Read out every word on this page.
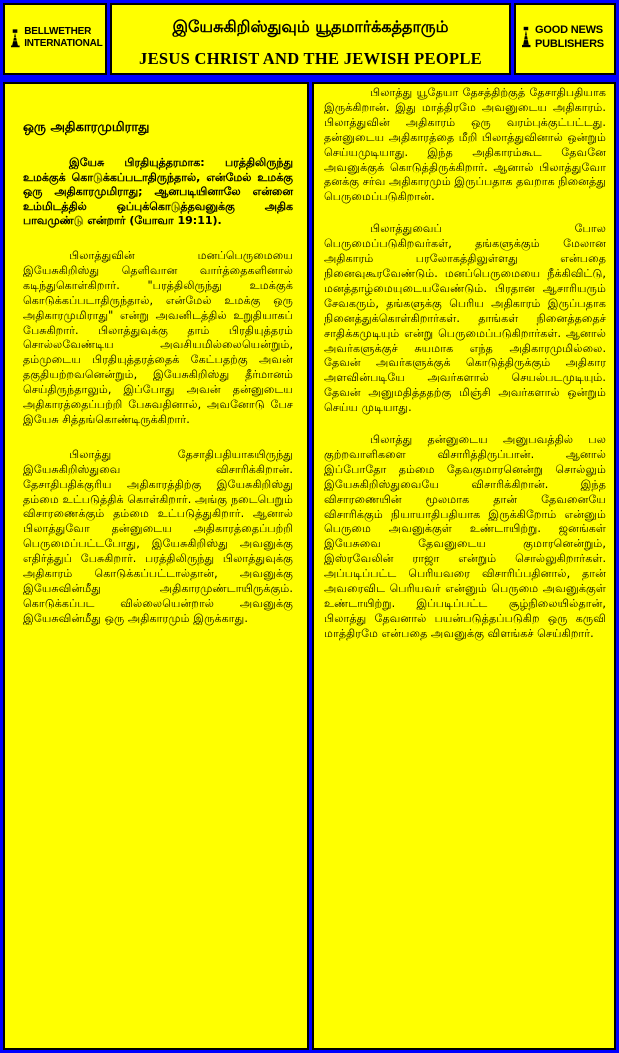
BELLWETHER INTERNATIONAL
இயேசுகிறிஸ்துவும் யூதமார்க்கத்தாரும்
JESUS CHRIST AND THE JEWISH PEOPLE
GOOD NEWS PUBLISHERS
ஒரு அதிகாரமுமிராது

இயேசு பிரதியுத்தரமாக: பரத்திலிருந்து உமக்குக் கொடுக்கப்படாதிருந்தால், என்மேல் உமக்கு ஒரு அதிகாரமுமிராது; ஆனபடியினாலே என்னை உம்மிடத்தில் ஒப்புக்கொடுத்தவனுக்கு அதிக பாவமுண்டு என்றார் (யோவா 19:11).

பிலாத்துவின் மனப்பெருமையை இயேசுகிறிஸ்து தெளிவான வார்த்தைகளினால் கடிந்துகொள்கிறார். "பரத்திலிருந்து உமக்குக் கொடுக்கப்படாதிருந்தால், என்மேல் உமக்கு ஒரு அதிகாரமுமிராது" என்று அவனிடத்தில் உறுதியாகப் பேசுகிறார். பிலாத்துவுக்கு தாம் பிரதியுத்தரம் சொல்லவேண்டிய அவசியமில்லையென்றும், தம்முடைய பிரதியுத்தரத்தைக் கேட்பதற்கு அவன் தகுதியற்றவனென்றும், இயேசுகிறிஸ்து தீர்மானம் செய்திருந்தாலும், இப்போது அவன் தன்னுடைய அதிகாரத்தைப்பற்றி பேசுவதினால், அவனோடு பேச இயேசு சித்தங்கொண்டிருக்கிறார்.

பிலாத்து தேசாதிபதியாகயிருந்து இயேசுகிறிஸ்துவை விசாரிக்கிறான். தேசாதிபதிக்குரிய அதிகாரத்திற்கு இயேசுகிறிஸ்து தம்மை உட்படுத்திக் கொள்கிறார். அங்கு நடைபெறும் விசாரணைக்கும் தம்மை உட்படுத்துகிறார். ஆனால் பிலாத்துவோ தன்னுடைய அதிகாரத்தைப்பற்றி பெருமைப்பட்டபோது, இயேசுகிறிஸ்து அவனுக்கு எதிர்த்துப் பேசுகிறார். பரத்திலிருந்து பிலாத்துவுக்கு அதிகாரம் கொடுக்கப்பட்டால்தான், அவனுக்கு இயேசுவின்மீது அதிகாரமுண்டாயிருக்கும். கொடுக்கப்பட வில்லையென்றால் அவனுக்கு இயேசுவின்மீது ஒரு அதிகாரமும் இருக்காது.

பிலாத்து யூதேயா தேசத்திற்குத் தேசாதிபதியாக இருக்கிறான். இது மாத்திரமே அவனுடைய அதிகாரம். பிலாத்துவின் அதிகாரம் ஒரு வரம்புக்குட்பட்டது. தன்னுடைய அதிகாரத்தை மீறி பிலாத்துவினால் ஒன்றும் செய்யமுடியாது. இந்த அதிகாரம்கூட தேவனே அவனுக்குக் கொடுத்திருக்கிறார். ஆனால் பிலாத்துவோ தனக்கு சர்வ அதிகாரமும் இருப்பதாக தவறாக நினைத்து பெருமைப்படுகிறான்.

பிலாத்துவைப் போல பெருமைப்படுகிறவர்கள், தங்களுக்கும் மேலான அதிகாரம் பரலோகத்திலுள்ளது என்பதை நினைவுகூரவேண்டும். மனப்பெருமையை நீக்கிவிட்டு, மனத்தாழ்மையுடையவேண்டும். பிரதான ஆசாரியரும் சேவகரும், தங்களுக்கு பெரிய அதிகாரம் இருப்பதாக நினைத்துக்கொள்கிறார்கள். தாங்கள் நினைத்ததைச் சாதிக்கமுடியும் என்று பெருமைப்படுகிறார்கள். ஆனால் அவர்களுக்குச் சுயமாக எந்த அதிகாரமுமில்லை. தேவன் அவர்களுக்குக் கொடுத்திருக்கும் அதிகார அளவின்படியே அவர்களால் செயல்படமுடியும். தேவன் அனுமதித்ததற்கு மிஞ்சி அவர்களால் ஒன்றும் செய்ய முடியாது.

பிலாத்து தன்னுடைய அனுபவத்தில் பல குற்றவாளிகளை விசாரித்திருப்பான். ஆனால் இப்போதோ தம்மை தேவகுமாரனென்று சொல்லும் இயேசுகிறிஸ்துவையே விசாரிக்கிறான். இந்த விசாரணையின் மூலமாக தான் தேவனையே விசாரிக்கும் நியாயாதிபதியாக இருக்கிறோம் என்னும் பெருமை அவனுக்குள் உண்டாயிற்று. ஜனங்கள் இயேசுவை தேவனுடைய குமாரனென்றும், இஸ்ரவேலின் ராஜா என்றும் சொல்லுகிறார்கள். அப்படிப்பட்ட பெரியவரை விசாரிப்பதினால், தான் அவரைவிட பெரியவர் என்னும் பெருமை அவனுக்குள் உண்டாயிற்று. இப்படிப்பட்ட சூழ்நிலையில்தான், பிலாத்து தேவனால் பயன்படுத்தப்படுகிற ஒரு கருவி மாத்திரமே என்பதை அவனுக்கு விளங்கச் செய்கிறார்.
